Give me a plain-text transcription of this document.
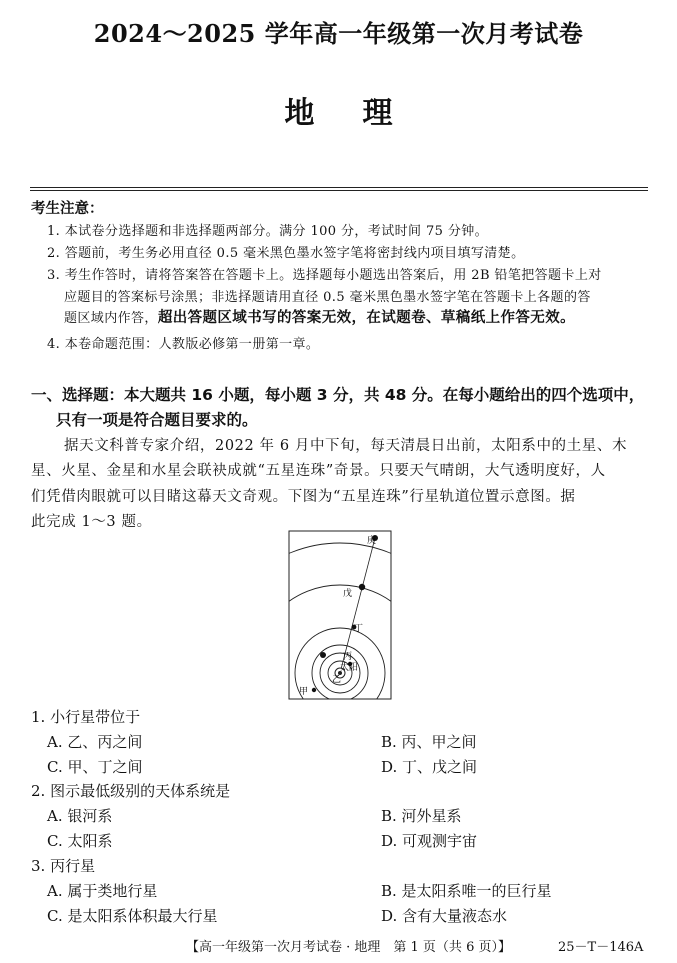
2024～2025 学年高一年级第一次月考试卷
地理
考生注意：
1. 本试卷分选择题和非选择题两部分。满分 100 分，考试时间 75 分钟。
2. 答题前，考生务必用直径 0.5 毫米黑色墨水签字笔将密封线内项目填写清楚。
3. 考生作答时，请将答案答在答题卡上。选择题每小题选出答案后，用 2B 铅笔把答题卡上对
应题目的答案标号涂黑；非选择题请用直径 0.5 毫米黑色墨水签字笔在答题卡上各题的答
题区域内作答，超出答题区域书写的答案无效，在试题卷、草稿纸上作答无效。
4. 本卷命题范围：人教版必修第一册第一章。
一、选择题：本大题共 16 小题，每小题 3 分，共 48 分。在每小题给出的四个选项中，
只有一项是符合题目要求的。
据天文科普专家介绍，2022 年 6 月中下旬，每天清晨日出前，太阳系中的土星、木
星、火星、金星和水星会联袂成就“五星连珠”奇景。只要天气晴朗，大气透明度好，人
们凭借肉眼就可以目睹这幕天文奇观。下图为“五星连珠”行星轨道位置示意图。据
此完成 1～3 题。
庚
戊
丁
丙
太阳
乙
甲
1. 小行星带位于
A. 乙、丙之间	B. 丙、甲之间
C. 甲、丁之间	D. 丁、戊之间
2. 图示最低级别的天体系统是
A. 银河系	B. 河外星系
C. 太阳系	D. 可观测宇宙
3. 丙行星
A. 属于类地行星	B. 是太阳系唯一的巨行星
C. 是太阳系体积最大行星	D. 含有大量液态水
【高一年级第一次月考试卷 · 地理　第 1 页（共 6 页）】	25－T－146A
